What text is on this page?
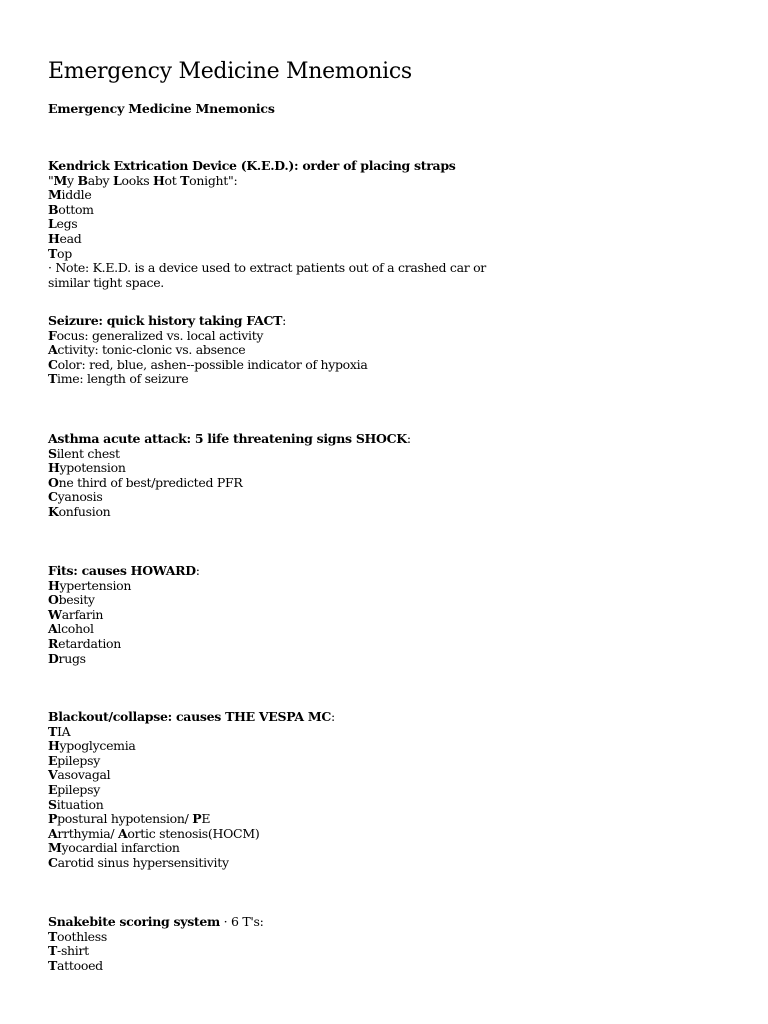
Emergency Medicine Mnemonics
Emergency Medicine Mnemonics
Kendrick Extrication Device (K.E.D.): order of placing straps
"My Baby Looks Hot Tonight":
Middle
Bottom
Legs
Head
Top
· Note: K.E.D. is a device used to extract patients out of a crashed car or
similar tight space.
Seizure: quick history taking FACT:
Focus: generalized vs. local activity
Activity: tonic-clonic vs. absence
Color: red, blue, ashen--possible indicator of hypoxia
Time: length of seizure
Asthma acute attack: 5 life threatening signs SHOCK:
Silent chest
Hypotension
One third of best/predicted PFR
Cyanosis
Konfusion
Fits: causes HOWARD:
Hypertension
Obesity
Warfarin
Alcohol
Retardation
Drugs
Blackout/collapse: causes THE VESPA MC:
TIA
Hypoglycemia
Epilepsy
Vasovagal
Epilepsy
Situation
Ppostural hypotension/ PE
Arrthymia/ Aortic stenosis(HOCM)
Myocardial infarction
Carotid sinus hypersensitivity
Snakebite scoring system · 6 T's:
Toothless
T-shirt
Tattooed
